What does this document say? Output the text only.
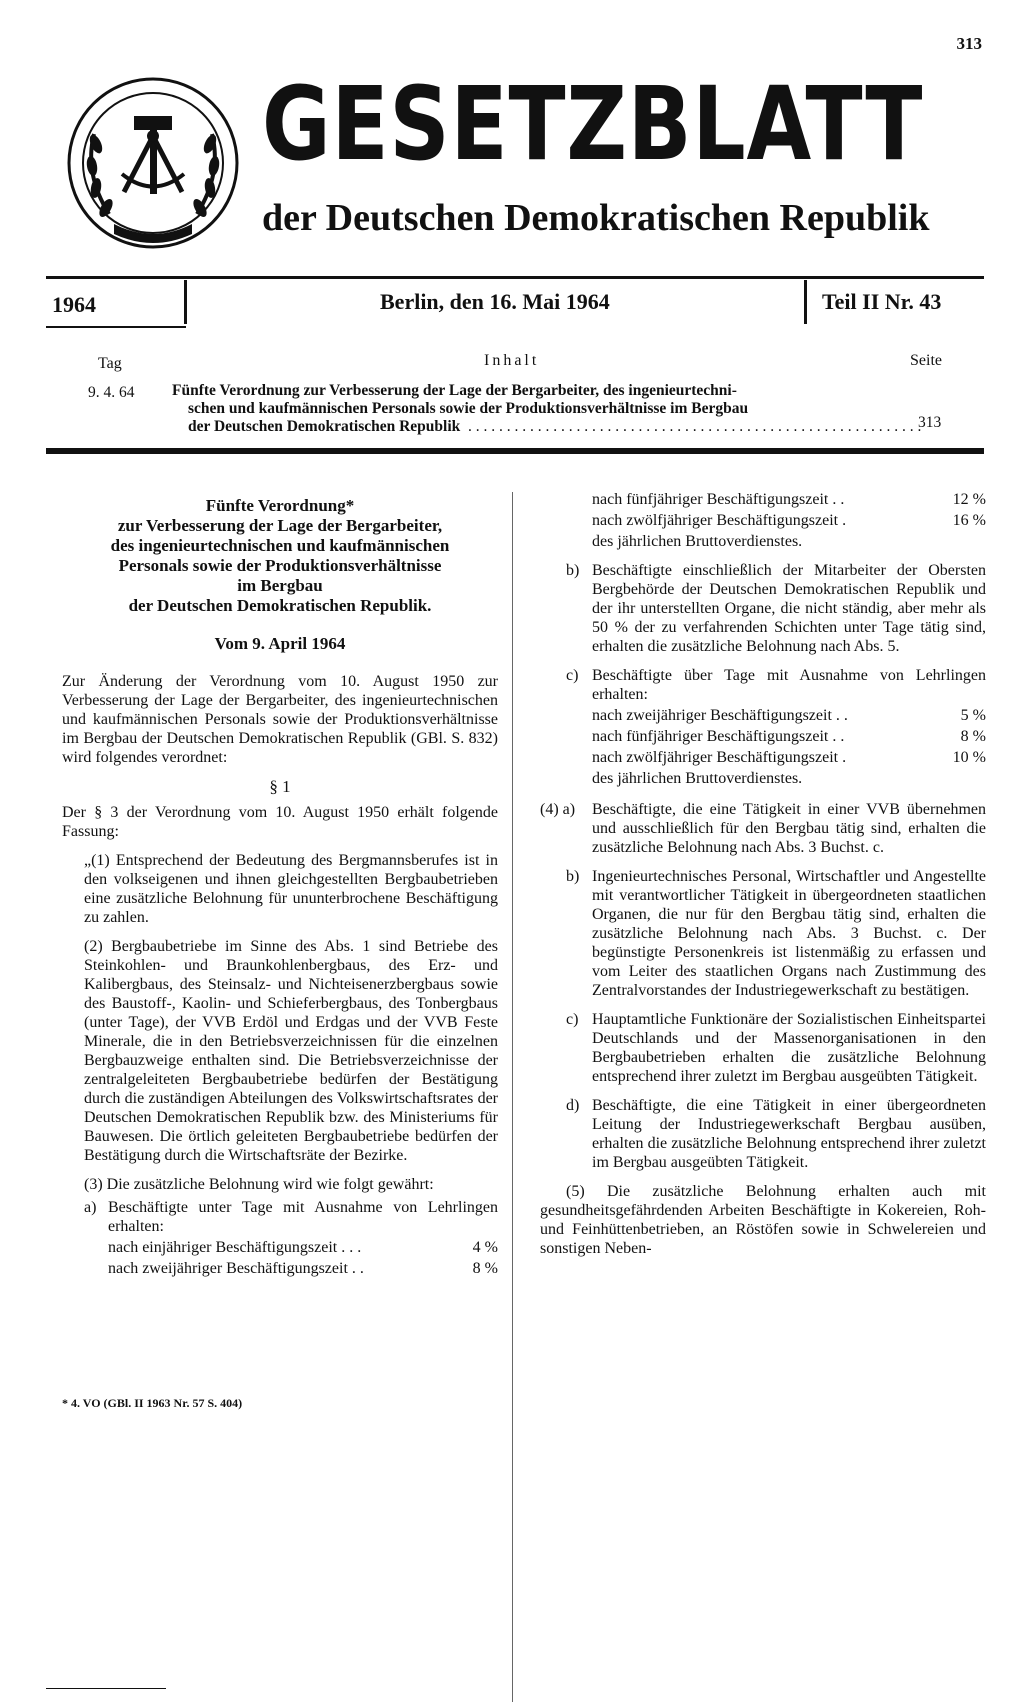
313
GESETZBLATT
der Deutschen Demokratischen Republik
1964	Berlin, den 16. Mai 1964	Teil II Nr. 43
Tag	Inhalt	Seite
9. 4. 64 Fünfte Verordnung zur Verbesserung der Lage der Bergarbeiter, des ingenieurtechni-
schen und kaufmännischen Personals sowie der Produktionsverhältnisse im Bergbau
der Deutschen Demokratischen Republik  . . . . . . . . . . . . . . . . . . . . . . . . . . . . . . . . . . . . . . . . . . . . . . . . . . . . . . . . . . .
313
Fünfte Verordnung*
zur Verbesserung der Lage der Bergarbeiter,
des ingenieurtechnischen und kaufmännischen
Personals sowie der Produktionsverhältnisse
im Bergbau
der Deutschen Demokratischen Republik.
Vom 9. April 1964
Zur Änderung der Verordnung vom 10. August 1950 zur Verbesserung der Lage der Bergarbeiter, des ingenieurtechnischen und kaufmännischen Personals sowie der Produktionsverhältnisse im Bergbau der Deutschen Demokratischen Republik (GBl. S. 832) wird folgendes verordnet:
§ 1
Der § 3 der Verordnung vom 10. August 1950 erhält folgende Fassung:
„(1) Entsprechend der Bedeutung des Bergmannsberufes ist in den volkseigenen und ihnen gleichgestellten Bergbaubetrieben eine zusätzliche Belohnung für ununterbrochene Beschäftigung zu zahlen.
(2) Bergbaubetriebe im Sinne des Abs. 1 sind Betriebe des Steinkohlen- und Braunkohlenbergbaus, des Erz- und Kalibergbaus, des Steinsalz- und Nichteisenerzbergbaus sowie des Baustoff-, Kaolin- und Schieferbergbaus, des Tonbergbaus (unter Tage), der VVB Erdöl und Erdgas und der VVB Feste Minerale, die in den Betriebsverzeichnissen für die einzelnen Bergbauzweige enthalten sind. Die Betriebsverzeichnisse der zentralgeleiteten Bergbaubetriebe bedürfen der Bestätigung durch die zuständigen Abteilungen des Volkswirtschaftsrates der Deutschen Demokratischen Republik bzw. des Ministeriums für Bauwesen. Die örtlich geleiteten Bergbaubetriebe bedürfen der Bestätigung durch die Wirtschaftsräte der Bezirke.
(3) Die zusätzliche Belohnung wird wie folgt gewährt:
a) Beschäftigte unter Tage mit Ausnahme von Lehrlingen erhalten:
nach einjähriger Beschäftigungszeit . . .	4 %
nach zweijähriger Beschäftigungszeit . .	8 %
* 4. VO (GBl. II 1963 Nr. 57 S. 404)
nach fünfjähriger Beschäftigungszeit . .	12 %
nach zwölfjähriger Beschäftigungszeit .	16 %
des jährlichen Bruttoverdienstes.
b) Beschäftigte einschließlich der Mitarbeiter der Obersten Bergbehörde der Deutschen Demokratischen Republik und der ihr unterstellten Organe, die nicht ständig, aber mehr als 50 % der zu verfahrenden Schichten unter Tage tätig sind, erhalten die zusätzliche Belohnung nach Abs. 5.
c) Beschäftigte über Tage mit Ausnahme von Lehrlingen erhalten:
nach zweijähriger Beschäftigungszeit . .	5 %
nach fünfjähriger Beschäftigungszeit . .	8 %
nach zwölfjähriger Beschäftigungszeit .	10 %
des jährlichen Bruttoverdienstes.
(4) a)	Beschäftigte, die eine Tätigkeit in einer VVB übernehmen und ausschließlich für den Bergbau tätig sind, erhalten die zusätzliche Belohnung nach Abs. 3 Buchst. c.
b) Ingenieurtechnisches Personal, Wirtschaftler und Angestellte mit verantwortlicher Tätigkeit in übergeordneten staatlichen Organen, die nur für den Bergbau tätig sind, erhalten die zusätzliche Belohnung nach Abs. 3 Buchst. c. Der begünstigte Personenkreis ist listenmäßig zu erfassen und vom Leiter des staatlichen Organs nach Zustimmung des Zentralvorstandes der Industriegewerkschaft zu bestätigen.
c) Hauptamtliche Funktionäre der Sozialistischen Einheitspartei Deutschlands und der Massenorganisationen in den Bergbaubetrieben erhalten die zusätzliche Belohnung entsprechend ihrer zuletzt im Bergbau ausgeübten Tätigkeit.
d) Beschäftigte, die eine Tätigkeit in einer übergeordneten Leitung der Industriegewerkschaft Bergbau ausüben, erhalten die zusätzliche Belohnung entsprechend ihrer zuletzt im Bergbau ausgeübten Tätigkeit.
(5) Die zusätzliche Belohnung erhalten auch mit gesundheitsgefährdenden Arbeiten Beschäftigte in Kokereien, Roh- und Feinhüttenbetrieben, an Röstöfen sowie in Schwelereien und sonstigen Neben-
